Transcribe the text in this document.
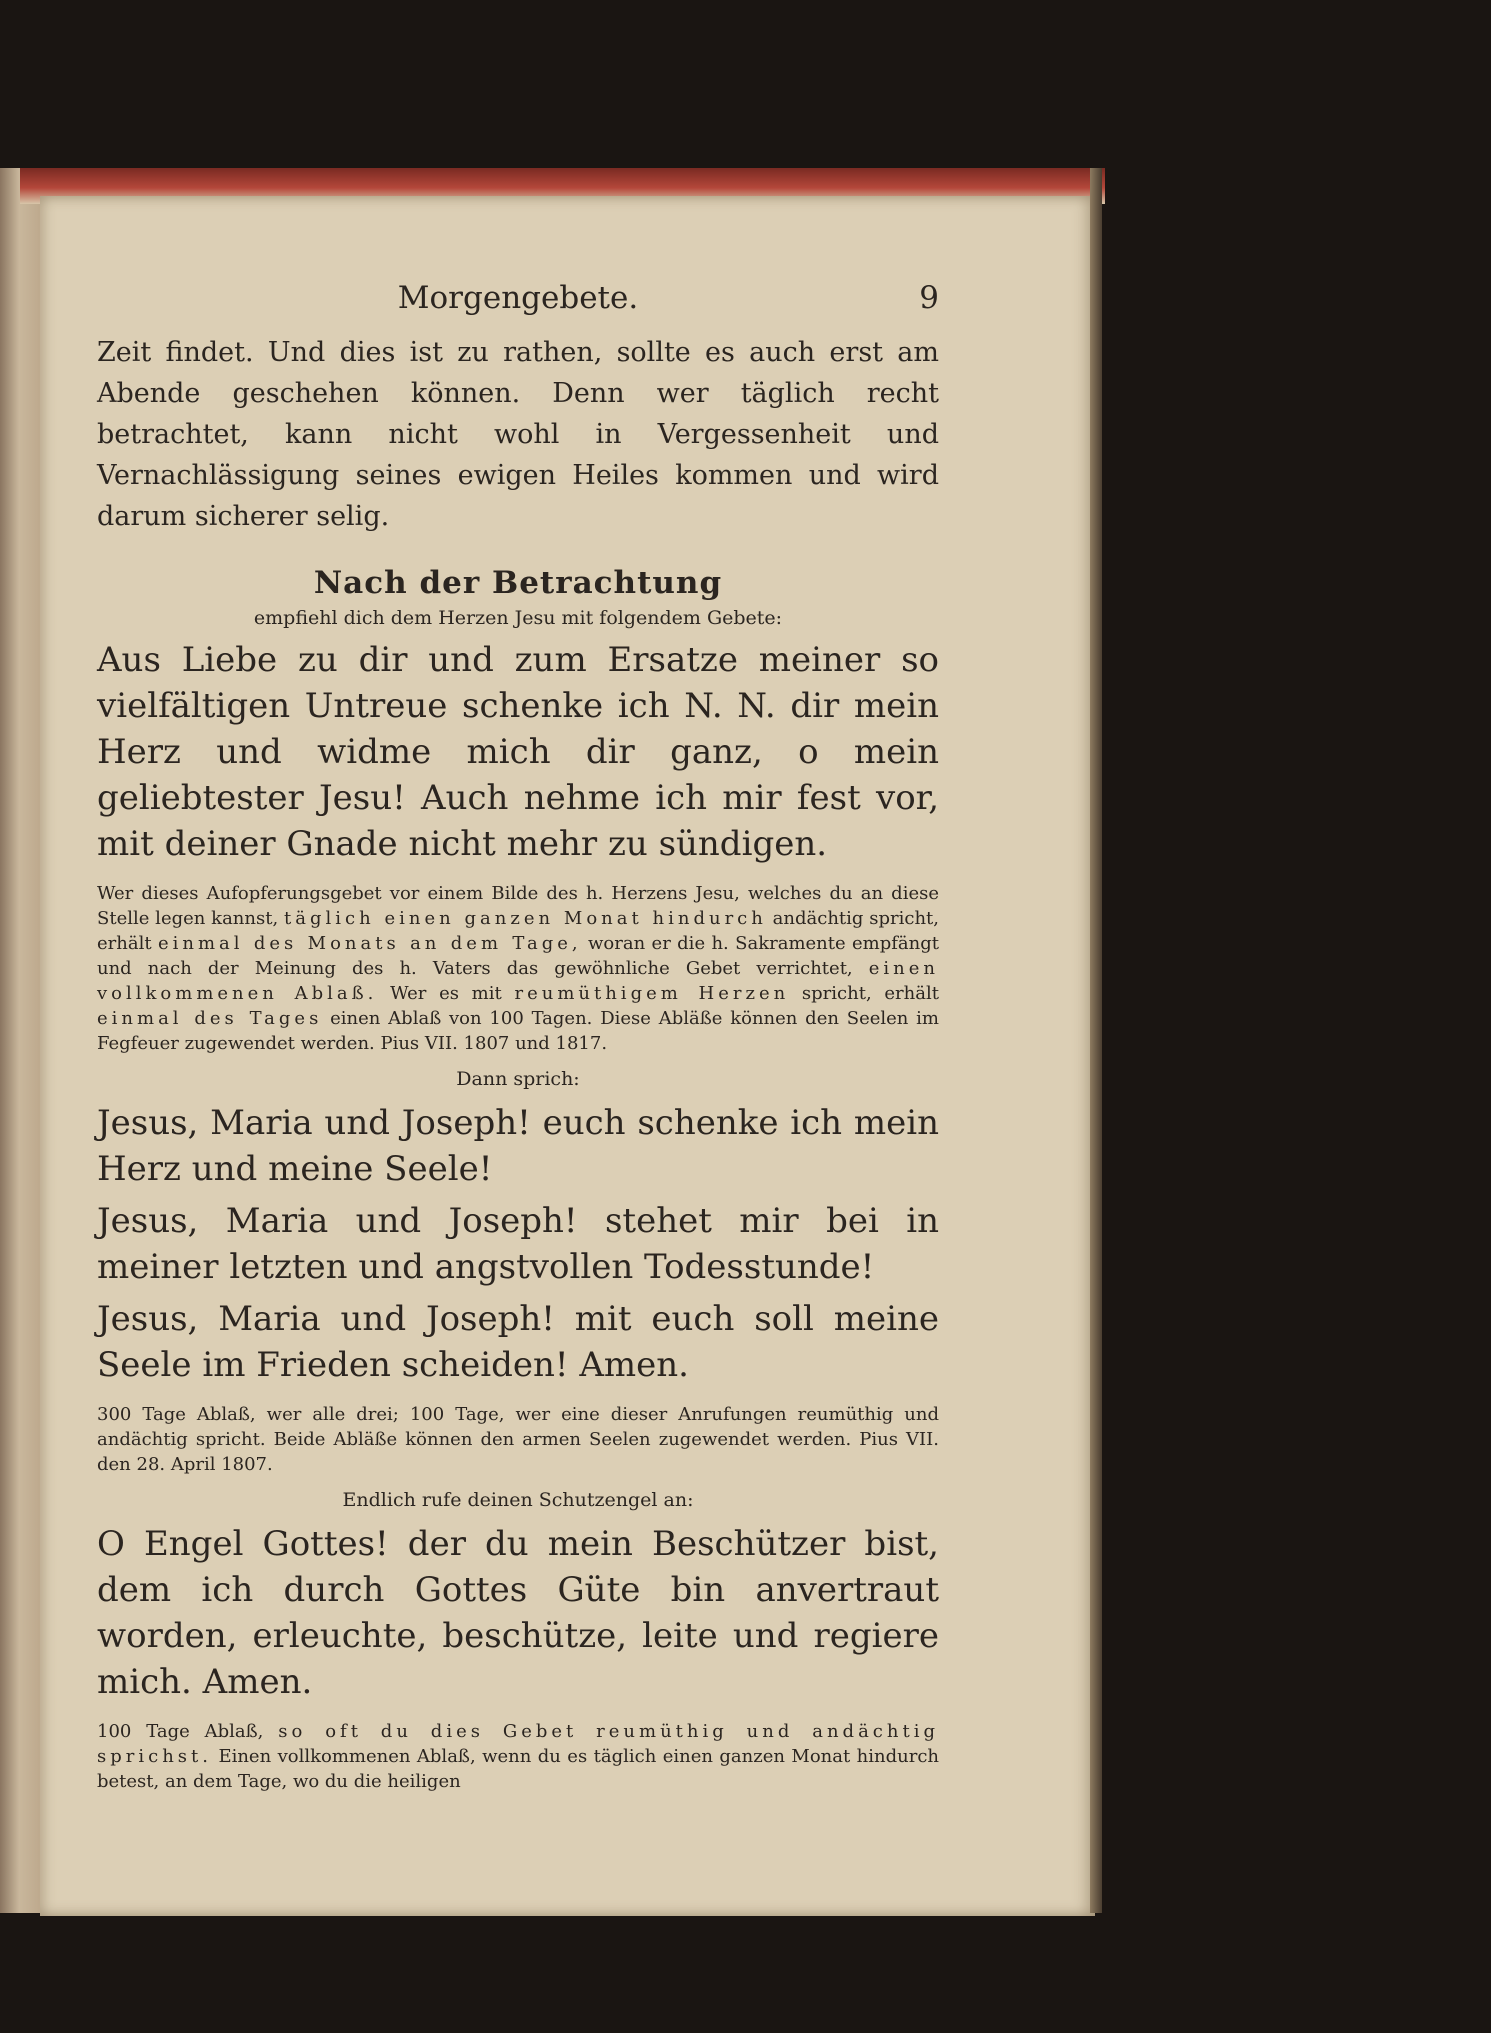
Morgengebete.	9

Zeit findet. Und dies ist zu rathen, sollte es auch erst am Abende geschehen können. Denn wer täglich recht betrachtet, kann nicht wohl in Vergessenheit und Vernachlässigung seines ewigen Heiles kommen und wird darum sicherer selig.

Nach der Betrachtung
empfiehl dich dem Herzen Jesu mit folgendem Gebete:

Aus Liebe zu dir und zum Ersatze meiner so vielfältigen Untreue schenke ich N. N. dir mein Herz und widme mich dir ganz, o mein geliebtester Jesu! Auch nehme ich mir fest vor, mit deiner Gnade nicht mehr zu sündigen.

Wer dieses Aufopferungsgebet vor einem Bilde des h. Herzens Jesu, welches du an diese Stelle legen kannst, täglich einen ganzen Monat hindurch andächtig spricht, erhält einmal des Monats an dem Tage, woran er die h. Sakramente empfängt und nach der Meinung des h. Vaters das gewöhnliche Gebet verrichtet, einen vollkommenen Ablaß. Wer es mit reumüthigem Herzen spricht, erhält einmal des Tages einen Ablaß von 100 Tagen. Diese Abläße können den Seelen im Fegfeuer zugewendet werden. Pius VII. 1807 und 1817.

Dann sprich:

Jesus, Maria und Joseph! euch schenke ich mein Herz und meine Seele!

Jesus, Maria und Joseph! stehet mir bei in meiner letzten und angstvollen Todesstunde!

Jesus, Maria und Joseph! mit euch soll meine Seele im Frieden scheiden! Amen.

300 Tage Ablaß, wer alle drei; 100 Tage, wer eine dieser Anrufungen reumüthig und andächtig spricht. Beide Abläße können den armen Seelen zugewendet werden. Pius VII. den 28. April 1807.

Endlich rufe deinen Schutzengel an:

O Engel Gottes! der du mein Beschützer bist, dem ich durch Gottes Güte bin anvertraut worden, erleuchte, beschütze, leite und regiere mich. Amen.

100 Tage Ablaß, so oft du dies Gebet reumüthig und andächtig sprichst. Einen vollkommenen Ablaß, wenn du es täglich einen ganzen Monat hindurch betest, an dem Tage, wo du die heiligen
